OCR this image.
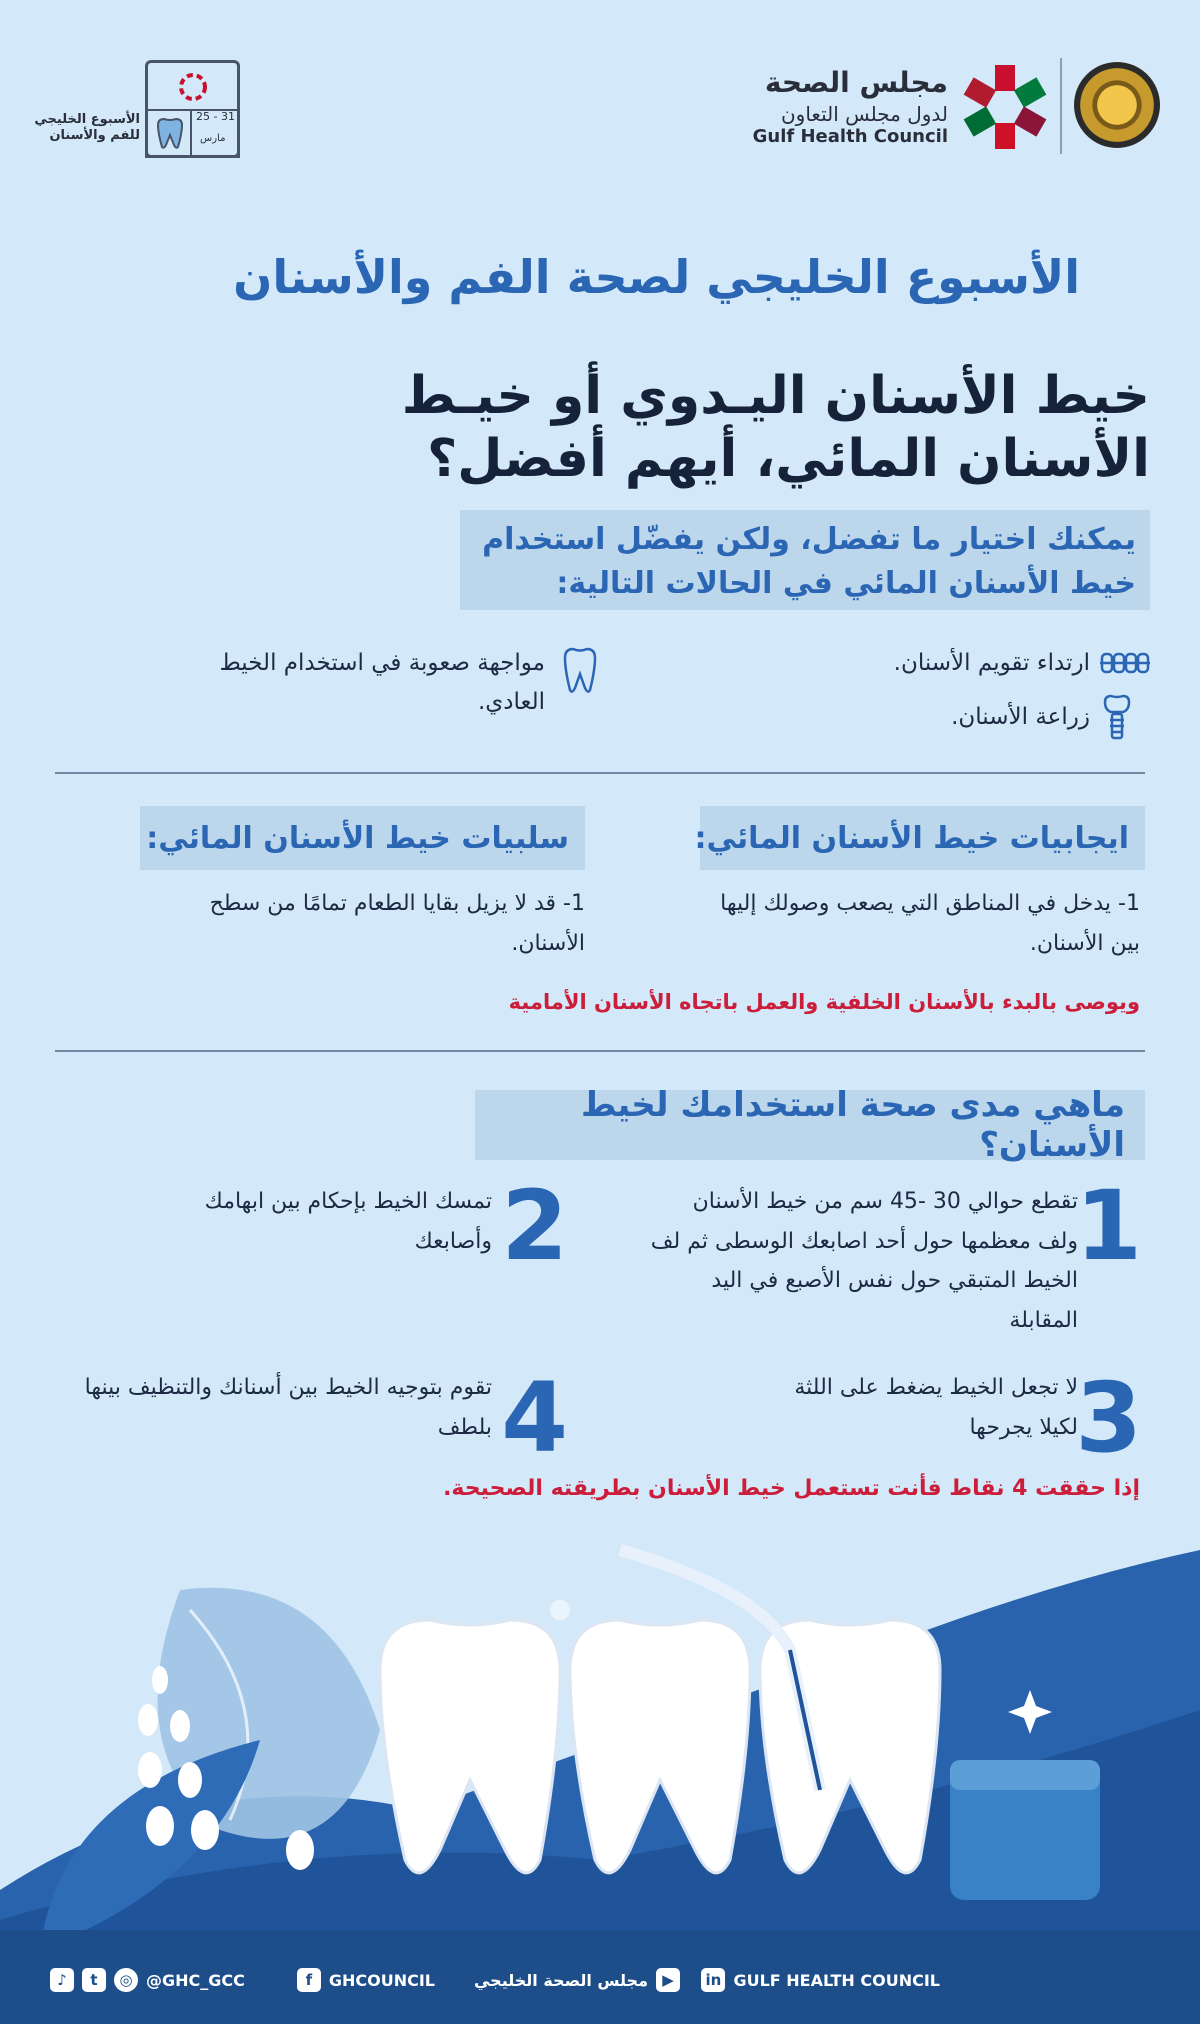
مجلس الصحة
لدول مجلس التعاون
Gulf Health Council
25 - 31
مارس
الأسبوع الخليجي للفم والأسنان
الأسبوع الخليجي لصحة الفم والأسنان
خيط الأسنان اليـدوي أو خيـط الأسنان المائي، أيهم أفضل؟

يمكنك اختيار ما تفضل، ولكن يفضّل استخدام خيط الأسنان المائي في الحالات التالية:

ارتداء تقويم الأسنان.
زراعة الأسنان.
مواجهة صعوبة في استخدام الخيط العادي.
ايجابيات خيط الأسنان المائي:
1- يدخل في المناطق التي يصعب وصولك إليها بين الأسنان.
سلبيات خيط الأسنان المائي:
1- قد لا يزيل بقايا الطعام تمامًا من سطح الأسنان.
ويوصى بالبدء بالأسنان الخلفية والعمل باتجاه الأسنان الأمامية
ماهي مدى صحة استخدامك لخيط الأسنان؟
1
تقطع حوالي 30 -45 سم من خيط الأسنان ولف معظمها حول أحد اصابعك الوسطى ثم لف الخيط المتبقي حول نفس الأصبع في اليد المقابلة
2
تمسك الخيط بإحكام بين ابهامك وأصابعك
3
لا تجعل الخيط يضغط على اللثة لكيلا يجرحها
4
تقوم بتوجيه الخيط بين أسنانك والتنظيف بينها بلطف
إذا حققت 4 نقاط فأنت تستعمل خيط الأسنان بطريقته الصحيحة.
in GULF HEALTH COUNCIL
مجلس الصحة الخليجي ▶
f	GHCOUNCIL
♪	t	◎ @GHC_GCC
